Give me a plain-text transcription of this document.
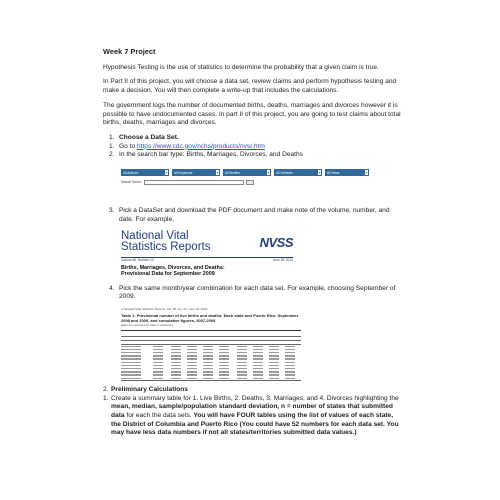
Week 7 Project

Hypothesis Testing is the use of statistics to determine the probability that a given claim is true.

In Part II of this project, you will choose a data set, review claims and perform hypothesis testing and make a decision. You will then complete a write-up that includes the calculations.

The government logs the number of documented births, deaths, marriages and divorces however it is possible to have undocumented cases. In part II of this project, you are going to test claims about total births, deaths, marriages and divorces.

1. Choose a Data Set.
1. Go to https://www.cdc.gov/nchs/products/nvsr.htm
2. In the search bar type: Births, Marriages, Divorces, and Deaths
All Authors	▾	All Keywords	▾	All Months	▾	All Volumes	▾	All Years	▾
Search Terms:
3. Pick a DataSet and download the PDF document and make note of the volume, number, and date. For example,
National Vital
Statistics Reports	NVSS
Volume 58, Number 20	June 28, 2010
Births, Marriages, Divorces, and Deaths:
Provisional Data for September 2009
4. Pick the same month/year combination for each data set. For example, choosing September of 2009.
4 National Vital Statistics Reports, Vol. 58, No. 20, June 28, 2010
Table 1. Provisional number of live births and deaths: Each state and Puerto Rico, September 2008 and 2009, and cumulative figures, 2007-2009
[Data are estimates by state of residence]
2. Preliminary Calculations
1. Create a summary table for 1. Live Births, 2. Deaths, 3. Marriages, and 4. Divorces highlighting the mean, median, sample/population standard deviation, n = number of states that submitted data for each the data sets. You will have FOUR tables using the list of values of each state, the District of Columbia and Puerto Rico (You could have 52 numbers for each data set. You may have less data numbers if not all states/territories submitted data values.)
